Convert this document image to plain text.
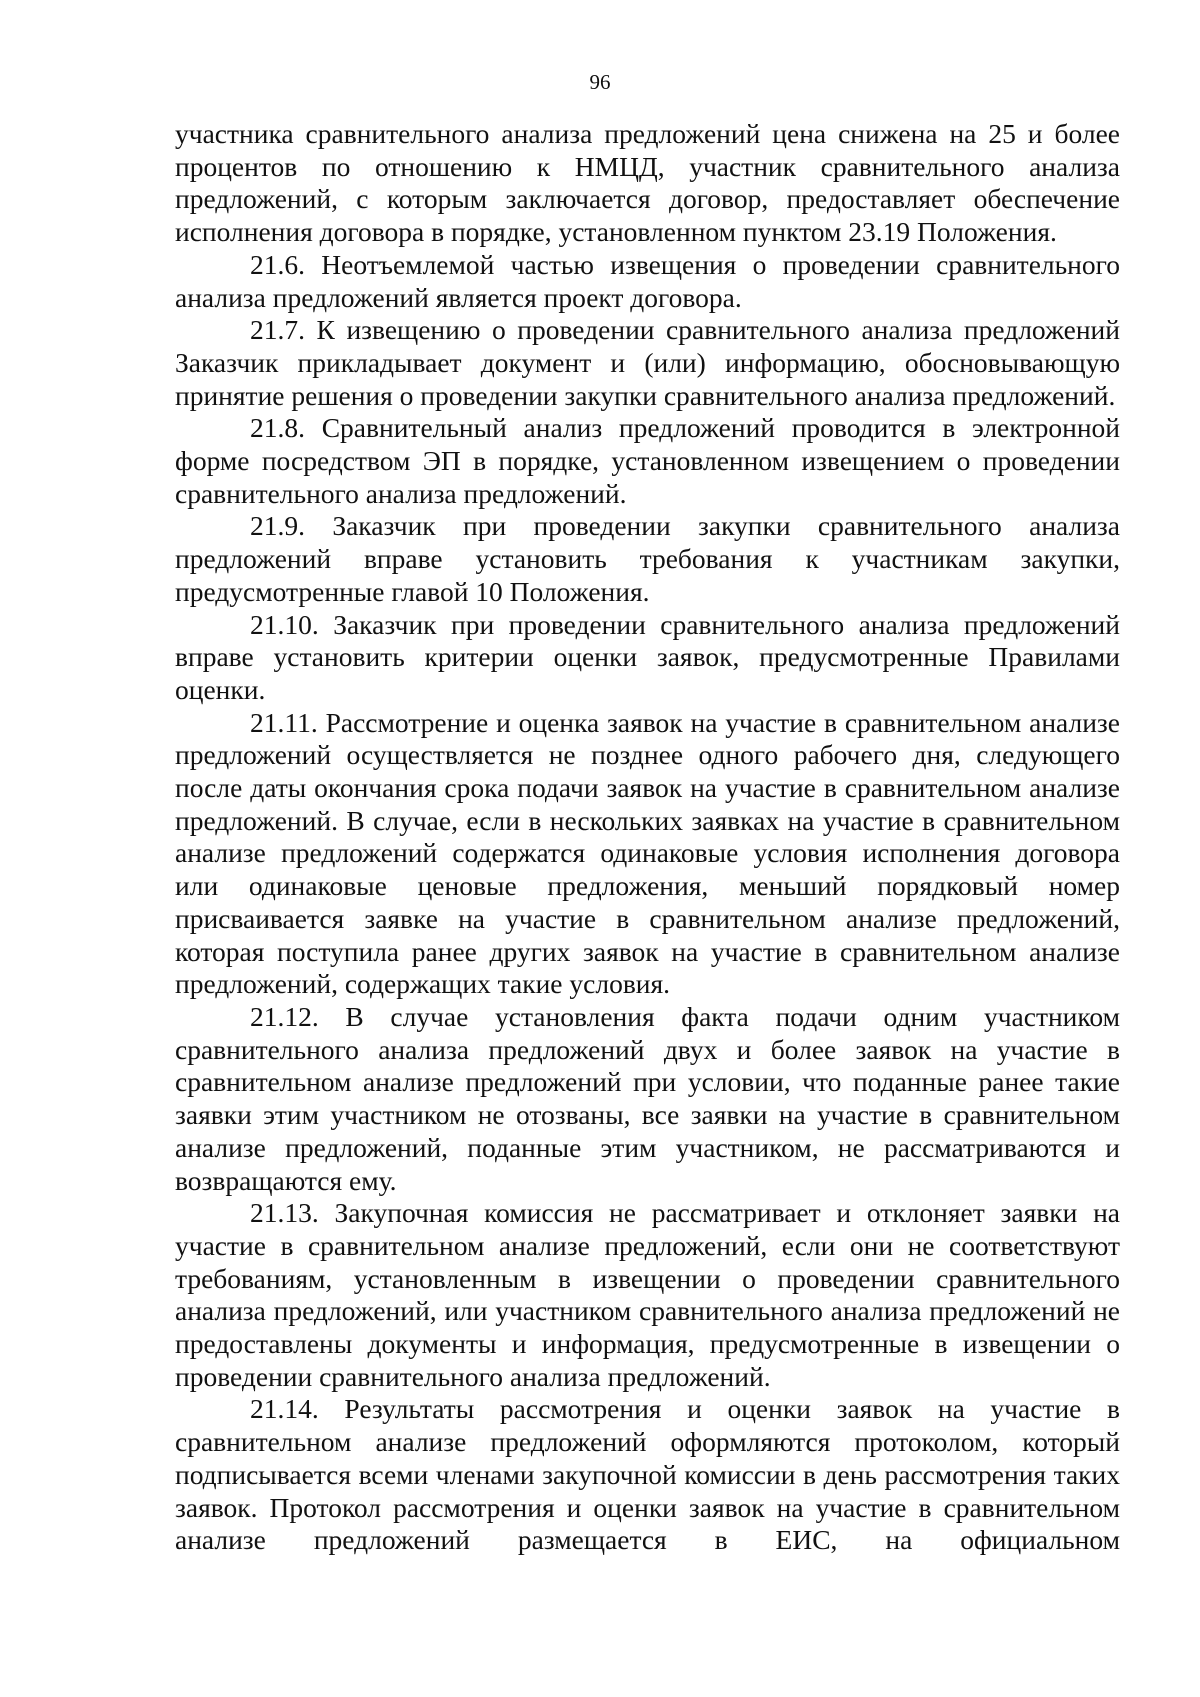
96

участника сравнительного анализа предложений цена снижена на 25 и более процентов по отношению к НМЦД, участник сравнительного анализа предложений, с которым заключается договор, предоставляет обеспечение исполнения договора в порядке, установленном пунктом 23.19 Положения.

21.6. Неотъемлемой частью извещения о проведении сравнительного анализа предложений является проект договора.

21.7. К извещению о проведении сравнительного анализа предложений Заказчик прикладывает документ и (или) информацию, обосновывающую принятие решения о проведении закупки сравнительного анализа предложений.

21.8. Сравнительный анализ предложений проводится в электронной форме посредством ЭП в порядке, установленном извещением о проведении сравнительного анализа предложений.

21.9. Заказчик при проведении закупки сравнительного анализа предложений вправе установить требования к участникам закупки, предусмотренные главой 10 Положения.

21.10. Заказчик при проведении сравнительного анализа предложений вправе установить критерии оценки заявок, предусмотренные Правилами оценки.

21.11. Рассмотрение и оценка заявок на участие в сравнительном анализе предложений осуществляется не позднее одного рабочего дня, следующего после даты окончания срока подачи заявок на участие в сравнительном анализе предложений. В случае, если в нескольких заявках на участие в сравнительном анализе предложений содержатся одинаковые условия исполнения договора или одинаковые ценовые предложения, меньший порядковый номер присваивается заявке на участие в сравнительном анализе предложений, которая поступила ранее других заявок на участие в сравнительном анализе предложений, содержащих такие условия.

21.12. В случае установления факта подачи одним участником сравнительного анализа предложений двух и более заявок на участие в сравнительном анализе предложений при условии, что поданные ранее такие заявки этим участником не отозваны, все заявки на участие в сравнительном анализе предложений, поданные этим участником, не рассматриваются и возвращаются ему.

21.13. Закупочная комиссия не рассматривает и отклоняет заявки на участие в сравнительном анализе предложений, если они не соответствуют требованиям, установленным в извещении о проведении сравнительного анализа предложений, или участником сравнительного анализа предложений не предоставлены документы и информация, предусмотренные в извещении о проведении сравнительного анализа предложений.

21.14. Результаты рассмотрения и оценки заявок на участие в сравнительном анализе предложений оформляются протоколом, который подписывается всеми членами закупочной комиссии в день рассмотрения таких заявок. Протокол рассмотрения и оценки заявок на участие в сравнительном анализе предложений размещается в ЕИС, на официальном
